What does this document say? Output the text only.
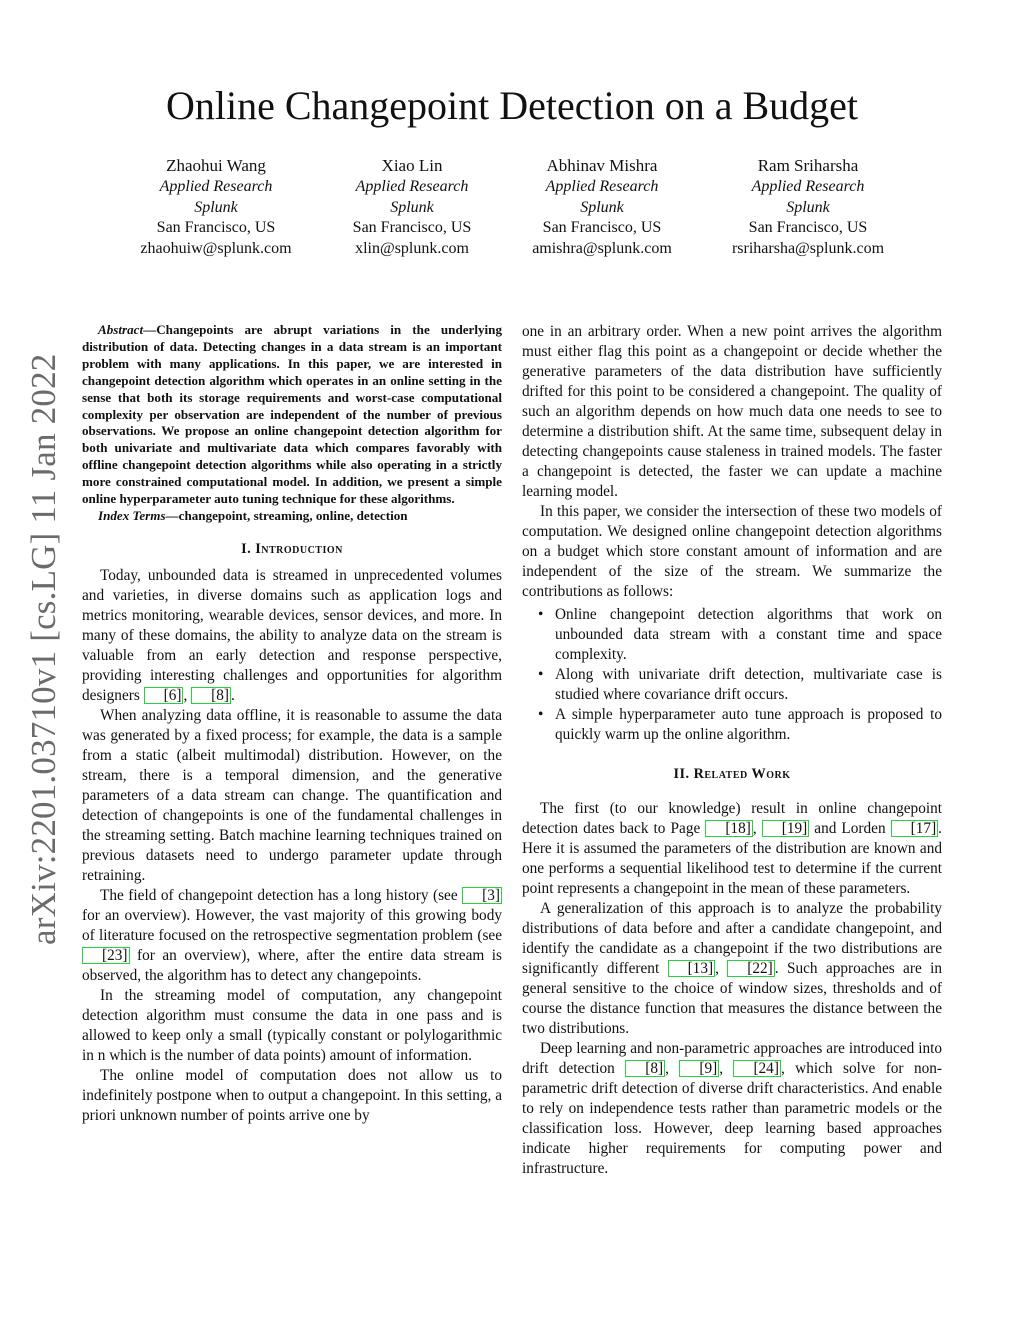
Online Changepoint Detection on a Budget
Zhaohui Wang
Applied Research
Splunk
San Francisco, US
zhaohuiw@splunk.com
Xiao Lin
Applied Research
Splunk
San Francisco, US
xlin@splunk.com
Abhinav Mishra
Applied Research
Splunk
San Francisco, US
amishra@splunk.com
Ram Sriharsha
Applied Research
Splunk
San Francisco, US
rsriharsha@splunk.com
arXiv:2201.03710v1 [cs.LG] 11 Jan 2022

Abstract—Changepoints are abrupt variations in the underlying distribution of data. Detecting changes in a data stream is an important problem with many applications. In this paper, we are interested in changepoint detection algorithm which operates in an online setting in the sense that both its storage requirements and worst-case computational complexity per observation are independent of the number of previous observations. We propose an online changepoint detection algorithm for both univariate and multivariate data which compares favorably with offline changepoint detection algorithms while also operating in a strictly more constrained computational model. In addition, we present a simple online hyperparameter auto tuning technique for these algorithms.

Index Terms—changepoint, streaming, online, detection

I. Introduction

Today, unbounded data is streamed in unprecedented volumes and varieties, in diverse domains such as application logs and metrics monitoring, wearable devices, sensor devices, and more. In many of these domains, the ability to analyze data on the stream is valuable from an early detection and response perspective, providing interesting challenges and opportunities for algorithm designers [6] , [8] .

When analyzing data offline, it is reasonable to assume the data was generated by a fixed process; for example, the data is a sample from a static (albeit multimodal) distribution. However, on the stream, there is a temporal dimension, and the generative parameters of a data stream can change. The quantification and detection of changepoints is one of the fundamental challenges in the streaming setting. Batch machine learning techniques trained on previous datasets need to undergo parameter update through retraining.

The field of changepoint detection has a long history (see [3] for an overview). However, the vast majority of this growing body of literature focused on the retrospective segmentation problem (see [23] for an overview), where, after the entire data stream is observed, the algorithm has to detect any changepoints.

In the streaming model of computation, any changepoint detection algorithm must consume the data in one pass and is allowed to keep only a small (typically constant or polylogarithmic in n which is the number of data points) amount of information.

The online model of computation does not allow us to indefinitely postpone when to output a changepoint. In this setting, a priori unknown number of points arrive one by

one in an arbitrary order. When a new point arrives the algorithm must either flag this point as a changepoint or decide whether the generative parameters of the data distribution have sufficiently drifted for this point to be considered a changepoint. The quality of such an algorithm depends on how much data one needs to see to determine a distribution shift. At the same time, subsequent delay in detecting changepoints cause staleness in trained models. The faster a changepoint is detected, the faster we can update a machine learning model.

In this paper, we consider the intersection of these two models of computation. We designed online changepoint detection algorithms on a budget which store constant amount of information and are independent of the size of the stream. We summarize the contributions as follows:

• Online changepoint detection algorithms that work on unbounded data stream with a constant time and space complexity.
• Along with univariate drift detection, multivariate case is studied where covariance drift occurs.
• A simple hyperparameter auto tune approach is proposed to quickly warm up the online algorithm.
II. Related Work

The first (to our knowledge) result in online changepoint detection dates back to Page [18] , [19] and Lorden [17] . Here it is assumed the parameters of the distribution are known and one performs a sequential likelihood test to determine if the current point represents a changepoint in the mean of these parameters.

A generalization of this approach is to analyze the probability distributions of data before and after a candidate changepoint, and identify the candidate as a changepoint if the two distributions are significantly different [13] , [22] . Such approaches are in general sensitive to the choice of window sizes, thresholds and of course the distance function that measures the distance between the two distributions.

Deep learning and non-parametric approaches are introduced into drift detection [8] , [9] , [24] , which solve for non-parametric drift detection of diverse drift characteristics. And enable to rely on independence tests rather than parametric models or the classification loss. However, deep learning based approaches indicate higher requirements for computing power and infrastructure.
